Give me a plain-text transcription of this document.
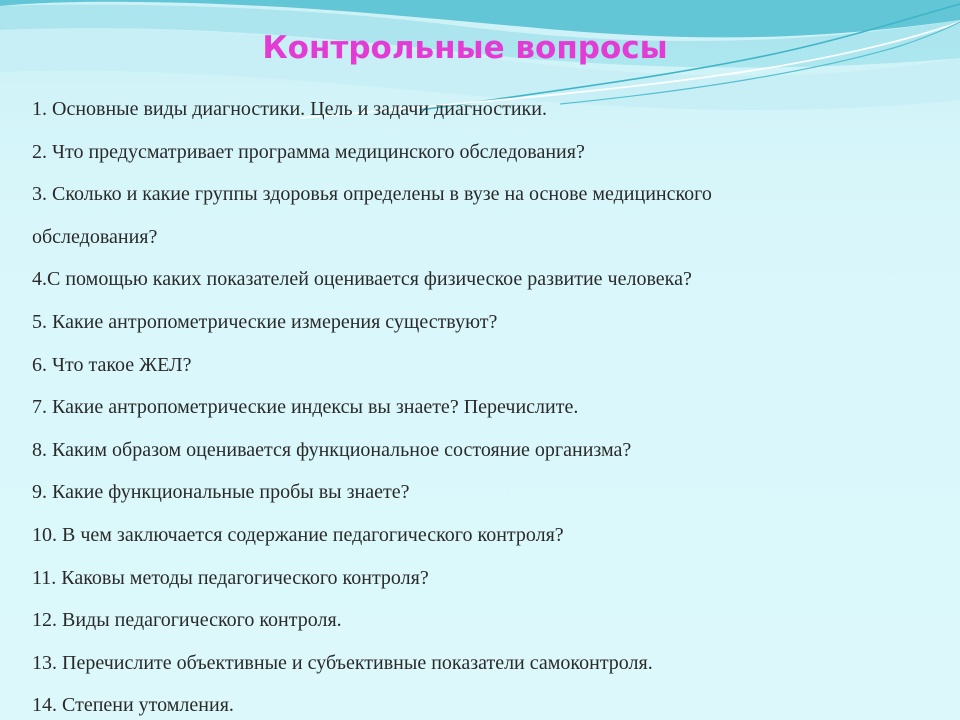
Контрольные вопросы
1. Основные виды диагностики. Цель и задачи диагностики.
2. Что предусматривает программа медицинского обследования?
3. Сколько и какие группы здоровья определены в вузе на основе медицинского
обследования?
4.С помощью каких показателей оценивается физическое развитие человека?
5. Какие антропометрические измерения существуют?
6. Что такое ЖЕЛ?
7. Какие антропометрические индексы вы знаете? Перечислите.
8. Каким образом оценивается функциональное состояние организма?
9. Какие функциональные пробы вы знаете?
10. В чем заключается содержание педагогического контроля?
11. Каковы методы педагогического контроля?
12. Виды педагогического контроля.
13. Перечислите объективные и субъективные показатели самоконтроля.
14. Степени утомления.
